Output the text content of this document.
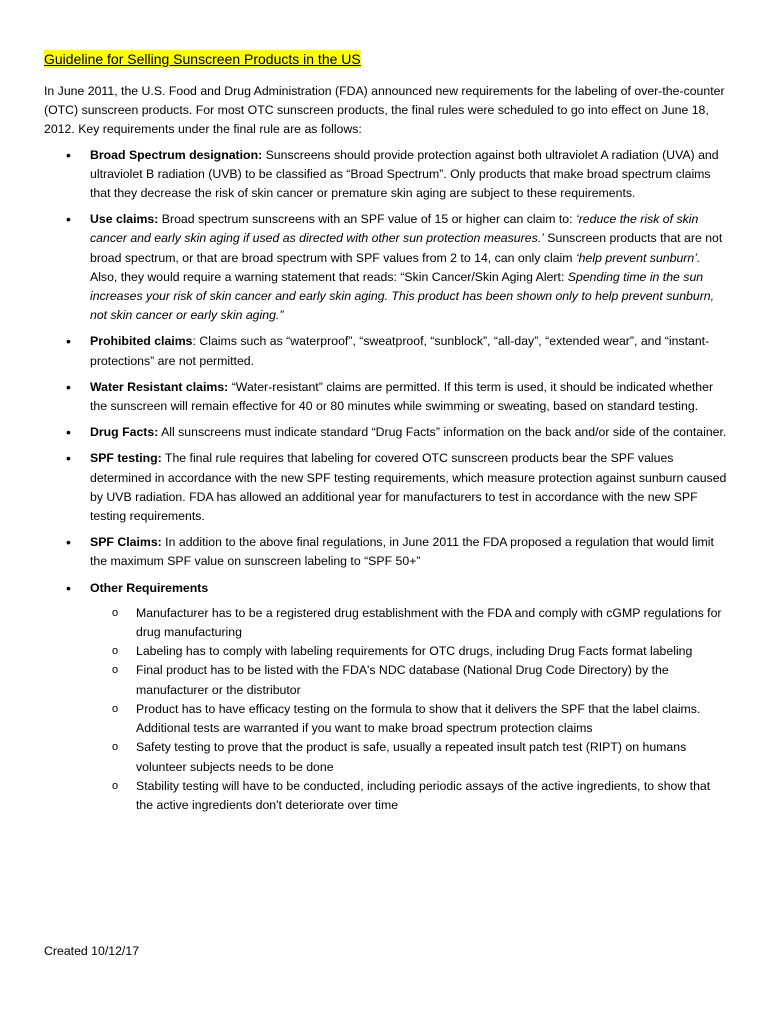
Guideline for Selling Sunscreen Products in the US

In June 2011, the U.S. Food and Drug Administration (FDA) announced new requirements for the labeling of over-the-counter (OTC) sunscreen products. For most OTC sunscreen products, the final rules were scheduled to go into effect on June 18, 2012. Key requirements under the final rule are as follows:

• Broad Spectrum designation: Sunscreens should provide protection against both ultraviolet A radiation (UVA) and ultraviolet B radiation (UVB) to be classified as “Broad Spectrum”. Only products that make broad spectrum claims that they decrease the risk of skin cancer or premature skin aging are subject to these requirements.
• Use claims: Broad spectrum sunscreens with an SPF value of 15 or higher can claim to: ‘reduce the risk of skin cancer and early skin aging if used as directed with other sun protection measures.’ Sunscreen products that are not broad spectrum, or that are broad spectrum with SPF values from 2 to 14, can only claim ‘help prevent sunburn’. Also, they would require a warning statement that reads: “Skin Cancer/Skin Aging Alert: Spending time in the sun increases your risk of skin cancer and early skin aging. This product has been shown only to help prevent sunburn, not skin cancer or early skin aging.”
• Prohibited claims: Claims such as “waterproof”, “sweatproof, “sunblock”, “all-day”, “extended wear”, and “instant-protections” are not permitted.
• Water Resistant claims: “Water-resistant” claims are permitted. If this term is used, it should be indicated whether the sunscreen will remain effective for 40 or 80 minutes while swimming or sweating, based on standard testing.
• Drug Facts: All sunscreens must indicate standard “Drug Facts” information on the back and/or side of the container.
• SPF testing: The final rule requires that labeling for covered OTC sunscreen products bear the SPF values determined in accordance with the new SPF testing requirements, which measure protection against sunburn caused by UVB radiation. FDA has allowed an additional year for manufacturers to test in accordance with the new SPF testing requirements.
• SPF Claims: In addition to the above final regulations, in June 2011 the FDA proposed a regulation that would limit the maximum SPF value on sunscreen labeling to “SPF 50+”
• Other Requirements
o Manufacturer has to be a registered drug establishment with the FDA and comply with cGMP regulations for drug manufacturing
o Labeling has to comply with labeling requirements for OTC drugs, including Drug Facts format labeling
o Final product has to be listed with the FDA's NDC database (National Drug Code Directory) by the manufacturer or the distributor
o Product has to have efficacy testing on the formula to show that it delivers the SPF that the label claims. Additional tests are warranted if you want to make broad spectrum protection claims
o Safety testing to prove that the product is safe, usually a repeated insult patch test (RIPT) on humans volunteer subjects needs to be done
o Stability testing will have to be conducted, including periodic assays of the active ingredients, to show that the active ingredients don't deteriorate over time
Created 10/12/17
